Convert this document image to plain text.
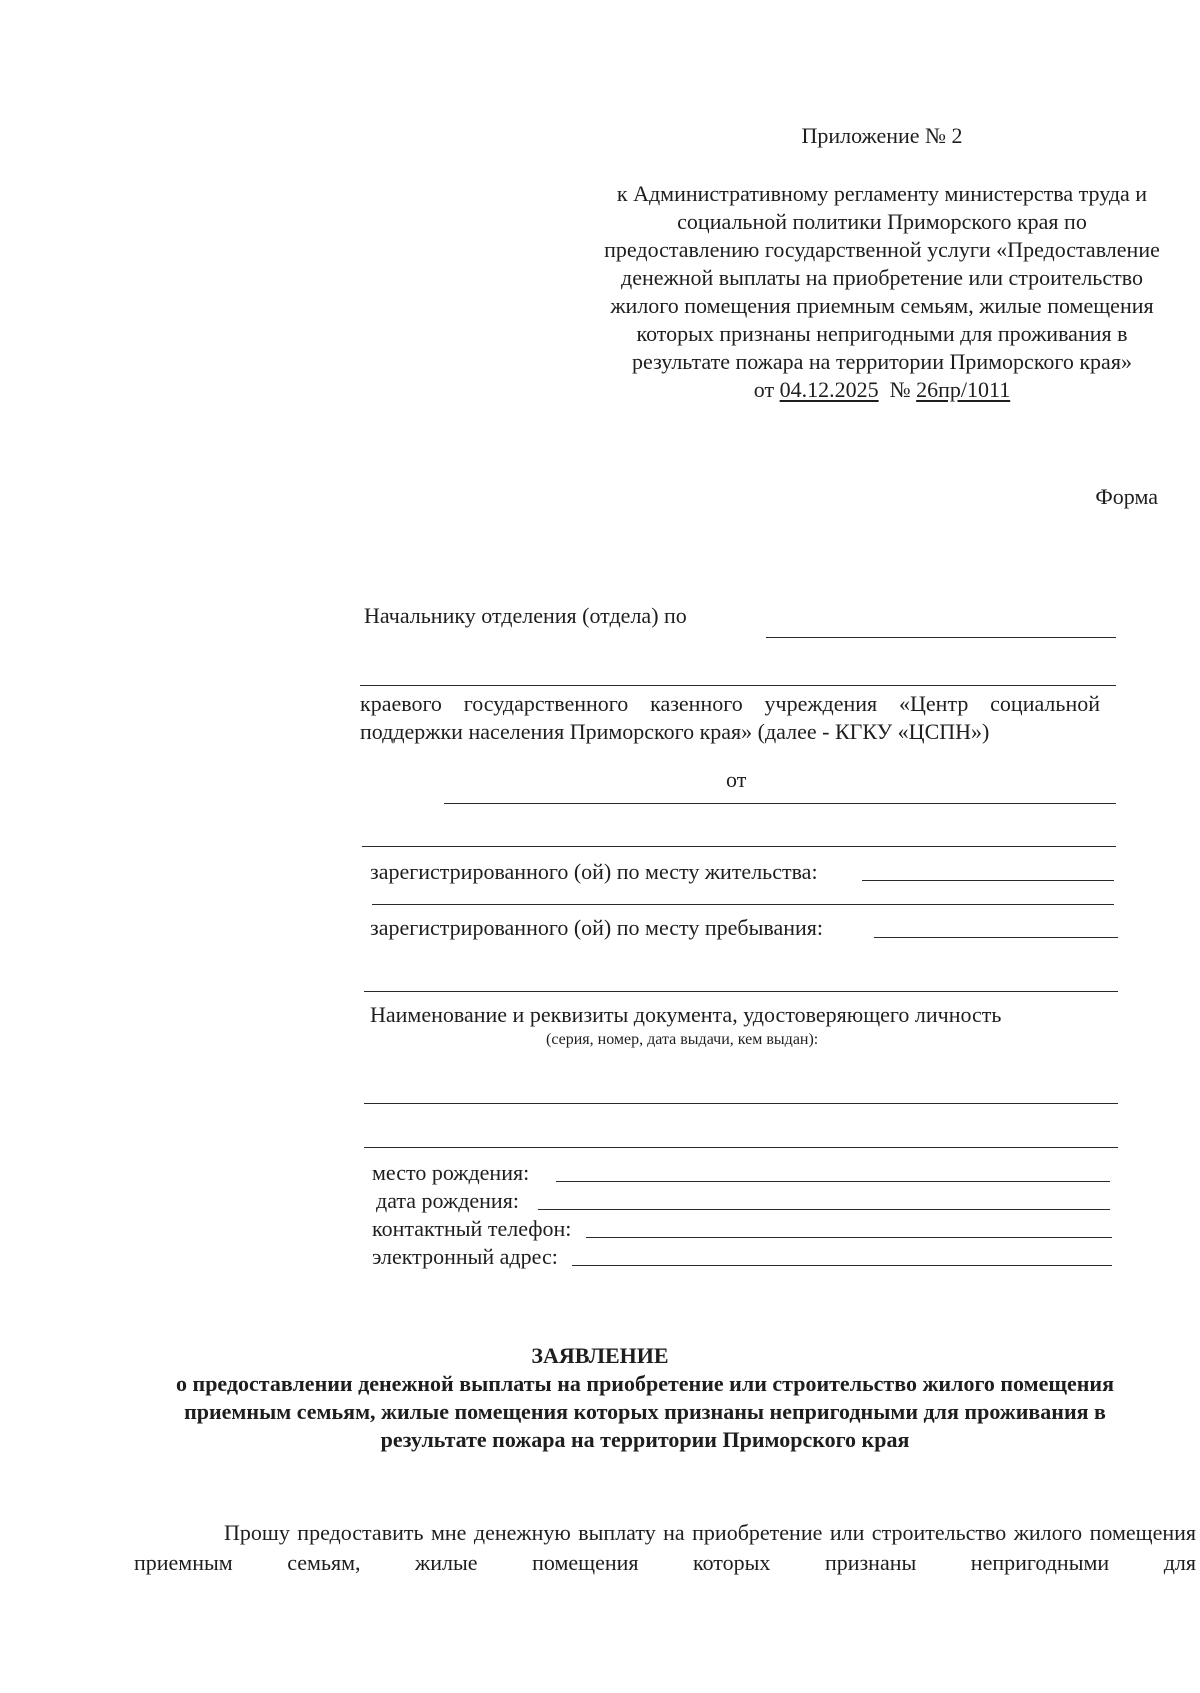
Приложение № 2
к Административному регламенту министерства труда и социальной политики Приморского края по предоставлению государственной услуги «Предоставление денежной выплаты на приобретение или строительство жилого помещения приемным семьям, жилые помещения которых признаны непригодными для проживания в результате пожара на территории Приморского края»
от 04.12.2025 № 26пр/1011
Форма
Начальнику отделения (отдела) по
краевого государственного казенного учреждения «Центр социальной поддержки населения Приморского края» (далее - КГКУ «ЦСПН»)
от
зарегистрированного (ой) по месту жительства:
зарегистрированного (ой) по месту пребывания:
Наименование и реквизиты документа, удостоверяющего личность
(серия, номер, дата выдачи, кем выдан):
место рождения:
дата рождения:
контактный телефон:
электронный адрес:
ЗАЯВЛЕНИЕ
о предоставлении денежной выплаты на приобретение или строительство жилого помещения приемным семьям, жилые помещения которых признаны непригодными для проживания в результате пожара на территории Приморского края
Прошу предоставить мне денежную выплату на приобретение или строительство жилого помещения приемным семьям, жилые помещения которых признаны непригодными для
